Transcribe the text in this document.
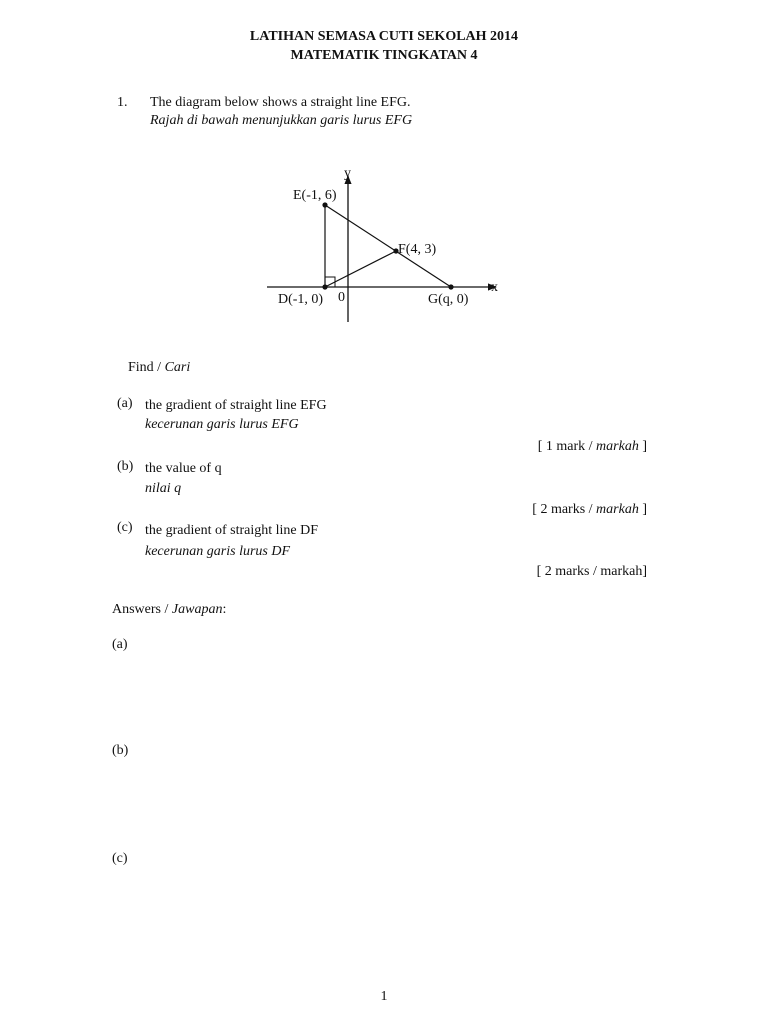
LATIHAN SEMASA CUTI SEKOLAH 2014
MATEMATIK TINGKATAN 4
1. The diagram below shows a straight line EFG.
Rajah di bawah menunjukkan garis lurus EFG
y
x
0
E(-1, 6)
F(4, 3)
D(-1, 0)	G(q, 0)
Find / Cari
(a) the gradient of straight line EFG
kecerunan garis lurus EFG
[ 1 mark / markah ]
(b) the value of q
nilai q
[ 2 marks / markah ]
(c) the gradient of straight line DF
kecerunan garis lurus DF
[ 2 marks / markah]
Answers / Jawapan:
(a)
(b)
(c)
1
